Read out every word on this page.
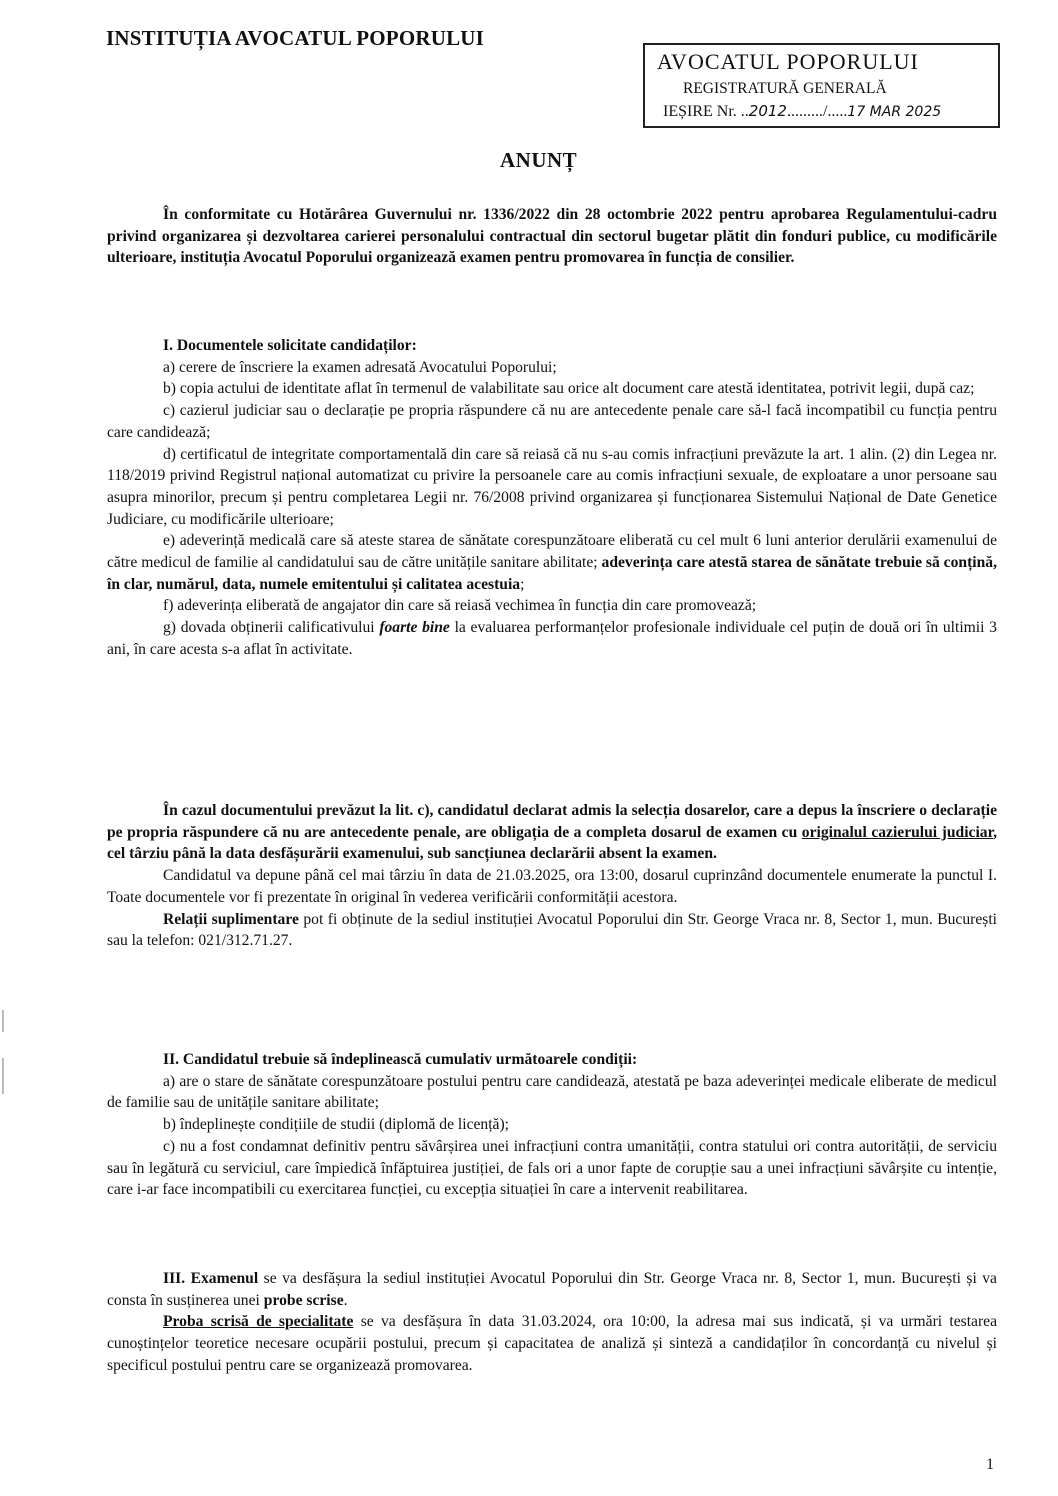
INSTITUȚIA AVOCATUL POPORULUI
AVOCATUL POPORULUI
REGISTRATURĂ GENERALĂ
IEȘIRE Nr. ..2012........./.....17 MAR 2025
ANUNȚ

În conformitate cu Hotărârea Guvernului nr. 1336/2022 din 28 octombrie 2022 pentru aprobarea Regulamentului-cadru privind organizarea și dezvoltarea carierei personalului contractual din sectorul bugetar plătit din fonduri publice, cu modificările ulterioare, instituția Avocatul Poporului organizează examen pentru promovarea în funcția de consilier.

I. Documentele solicitate candidaților:

a) cerere de înscriere la examen adresată Avocatului Poporului;

b) copia actului de identitate aflat în termenul de valabilitate sau orice alt document care atestă identitatea, potrivit legii, după caz;

c) cazierul judiciar sau o declarație pe propria răspundere că nu are antecedente penale care să-l facă incompatibil cu funcția pentru care candidează;

d) certificatul de integritate comportamentală din care să reiasă că nu s-au comis infracțiuni prevăzute la art. 1 alin. (2) din Legea nr. 118/2019 privind Registrul național automatizat cu privire la persoanele care au comis infracțiuni sexuale, de exploatare a unor persoane sau asupra minorilor, precum și pentru completarea Legii nr. 76/2008 privind organizarea și funcționarea Sistemului Național de Date Genetice Judiciare, cu modificările ulterioare;

e) adeverință medicală care să ateste starea de sănătate corespunzătoare eliberată cu cel mult 6 luni anterior derulării examenului de către medicul de familie al candidatului sau de către unitățile sanitare abilitate; adeverința care atestă starea de sănătate trebuie să conțină, în clar, numărul, data, numele emitentului și calitatea acestuia;

f) adeverința eliberată de angajator din care să reiasă vechimea în funcția din care promovează;

g) dovada obținerii calificativului foarte bine la evaluarea performanțelor profesionale individuale cel puțin de două ori în ultimii 3 ani, în care acesta s-a aflat în activitate.

În cazul documentului prevăzut la lit. c), candidatul declarat admis la selecția dosarelor, care a depus la înscriere o declarație pe propria răspundere că nu are antecedente penale, are obligația de a completa dosarul de examen cu originalul cazierului judiciar, cel târziu până la data desfășurării examenului, sub sancțiunea declarării absent la examen.

Candidatul va depune până cel mai târziu în data de 21.03.2025, ora 13:00, dosarul cuprinzând documentele enumerate la punctul I. Toate documentele vor fi prezentate în original în vederea verificării conformității acestora.

Relații suplimentare pot fi obținute de la sediul instituției Avocatul Poporului din Str. George Vraca nr. 8, Sector 1, mun. București sau la telefon: 021/312.71.27.

II. Candidatul trebuie să îndeplinească cumulativ următoarele condiții:

a) are o stare de sănătate corespunzătoare postului pentru care candidează, atestată pe baza adeverinței medicale eliberate de medicul de familie sau de unitățile sanitare abilitate;

b) îndeplinește condițiile de studii (diplomă de licență);

c) nu a fost condamnat definitiv pentru săvârșirea unei infracțiuni contra umanității, contra statului ori contra autorității, de serviciu sau în legătură cu serviciul, care împiedică înfăptuirea justiției, de fals ori a unor fapte de corupție sau a unei infracțiuni săvârșite cu intenție, care i-ar face incompatibili cu exercitarea funcției, cu excepția situației în care a intervenit reabilitarea.

III. Examenul se va desfășura la sediul instituției Avocatul Poporului din Str. George Vraca nr. 8, Sector 1, mun. București și va consta în susținerea unei probe scrise.

Proba scrisă de specialitate se va desfășura în data 31.03.2024, ora 10:00, la adresa mai sus indicată, și va urmări testarea cunoștințelor teoretice necesare ocupării postului, precum și capacitatea de analiză și sinteză a candidaților în concordanță cu nivelul și specificul postului pentru care se organizează promovarea.

1
